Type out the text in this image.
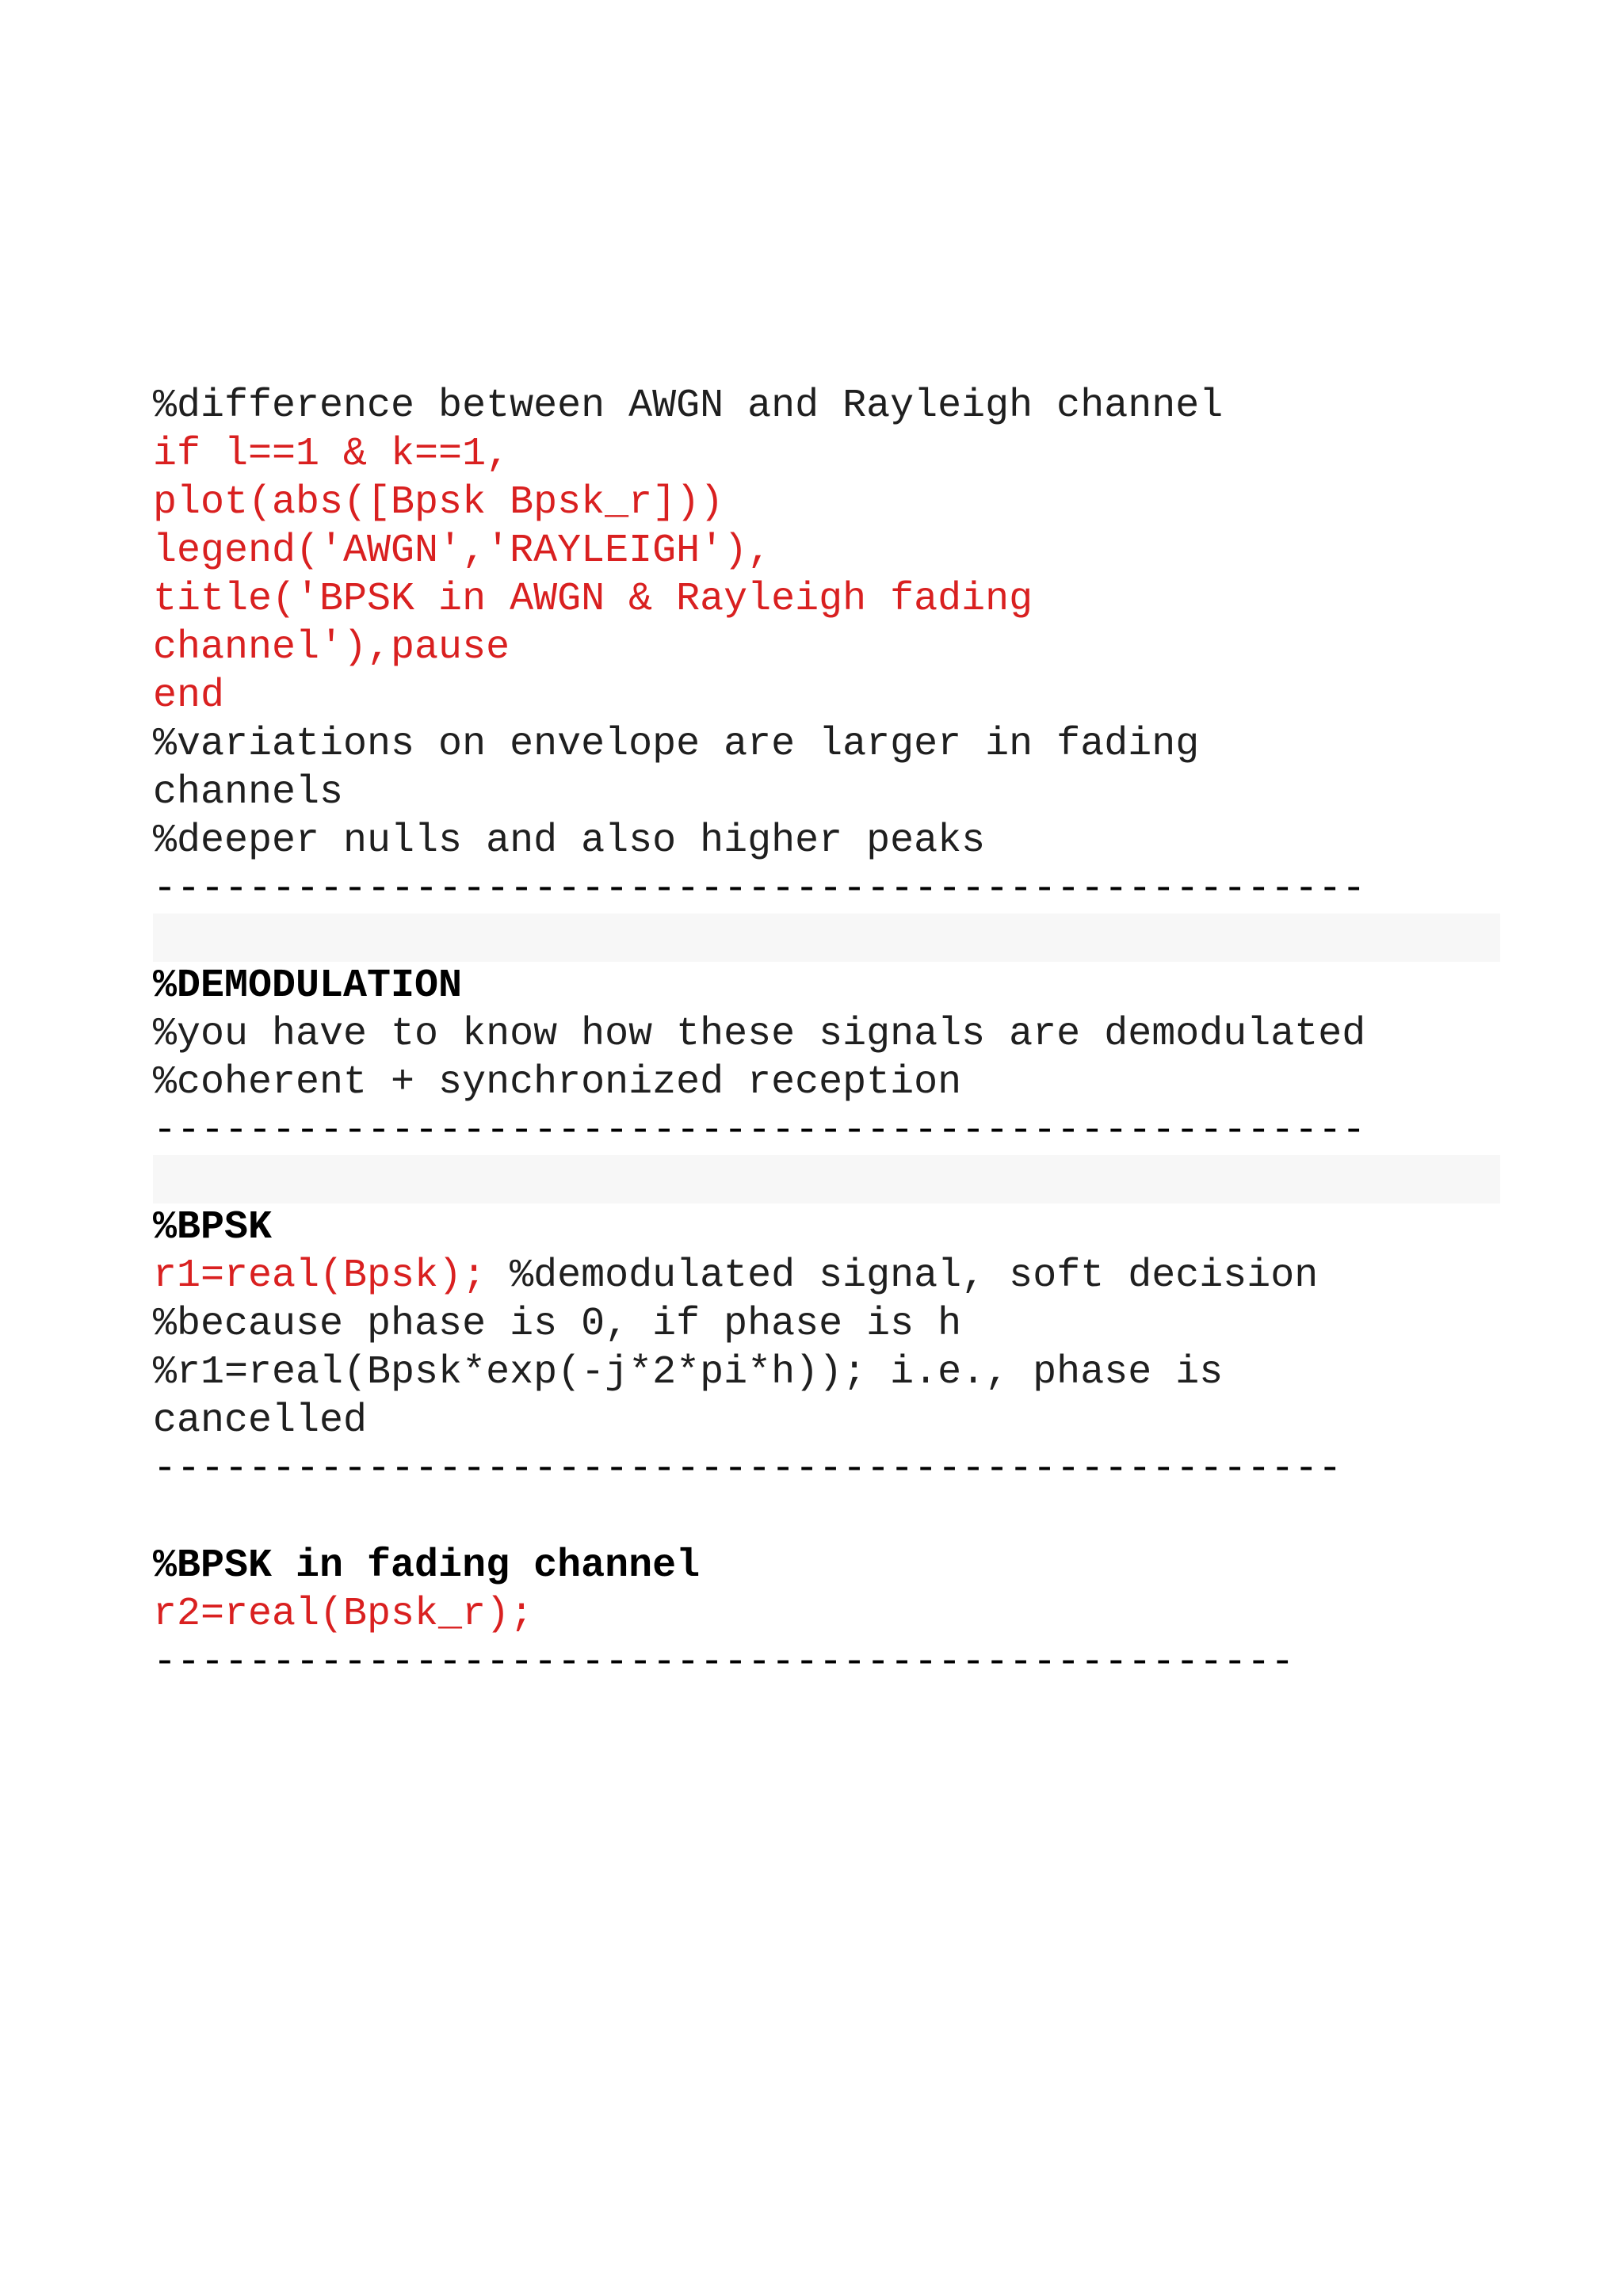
%difference between AWGN and Rayleigh channel
if l==1 & k==1,
plot(abs([Bpsk Bpsk_r]))
legend('AWGN','RAYLEIGH'),
title('BPSK in AWGN & Rayleigh fading
channel'),pause
end
%variations on envelope are larger in fading
channels
%deeper nulls and also higher peaks
---------------------------------------------------
%DEMODULATION
%you have to know how these signals are demodulated
%coherent + synchronized reception
---------------------------------------------------
%BPSK
r1=real(Bpsk); %demodulated signal, soft decision
%because phase is 0, if phase is h
%r1=real(Bpsk*exp(-j*2*pi*h)); i.e., phase is
cancelled
--------------------------------------------------
%BPSK in fading channel
r2=real(Bpsk_r);
------------------------------------------------
